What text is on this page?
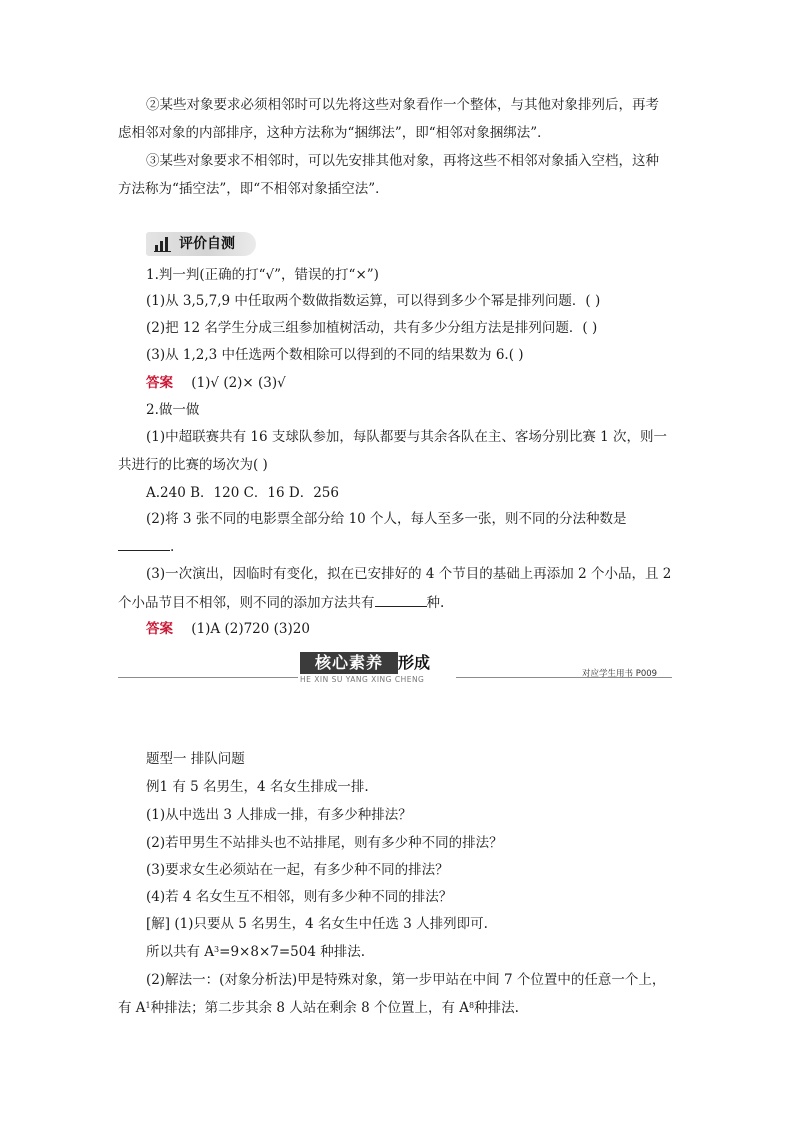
②某些对象要求必须相邻时可以先将这些对象看作一个整体，与其他对象排列后，再考
虑相邻对象的内部排序，这种方法称为“捆绑法”，即“相邻对象捆绑法”．
③某些对象要求不相邻时，可以先安排其他对象，再将这些不相邻对象插入空档，这种
方法称为“插空法”，即“不相邻对象插空法”．
评价自测
1.判一判(正确的打“√”，错误的打“×”)
(1)从 3,5,7,9 中任取两个数做指数运算，可以得到多少个幂是排列问题．( )
(2)把 12 名学生分成三组参加植树活动，共有多少分组方法是排列问题．( )
(3)从 1,2,3 中任选两个数相除可以得到的不同的结果数为 6.( )
答案 (1)√ (2)× (3)√
2.做一做
(1)中超联赛共有 16 支球队参加，每队都要与其余各队在主、客场分别比赛 1 次，则一
共进行的比赛的场次为( )
A.240 B．120 C．16 D．256
(2)将 3 张不同的电影票全部分给 10 个人，每人至多一张，则不同的分法种数是
.
(3)一次演出，因临时有变化，拟在已安排好的 4 个节目的基础上再添加 2 个小品，且 2
个小品节目不相邻，则不同的添加方法共有	种.
答案 (1)A (2)720 (3)20
核心素养 形成
HE XIN SU YANG XING CHENG
对应学生用书 P009
题型一 排队问题
例1 有 5 名男生，4 名女生排成一排.
(1)从中选出 3 人排成一排，有多少种排法？
(2)若甲男生不站排头也不站排尾，则有多少种不同的排法？
(3)要求女生必须站在一起，有多少种不同的排法？
(4)若 4 名女生互不相邻，则有多少种不同的排法？
[解] (1)只要从 5 名男生，4 名女生中任选 3 人排列即可.
所以共有 $A^3=9\times 8\times 7=504$ 种排法.
(2)解法一：(对象分析法)甲是特殊对象，第一步甲站在中间 7 个位置中的任意一个上，
有 $A^1$种排法；第二步其余 8 人站在剩余 8 个位置上，有 $A^8$种排法.
